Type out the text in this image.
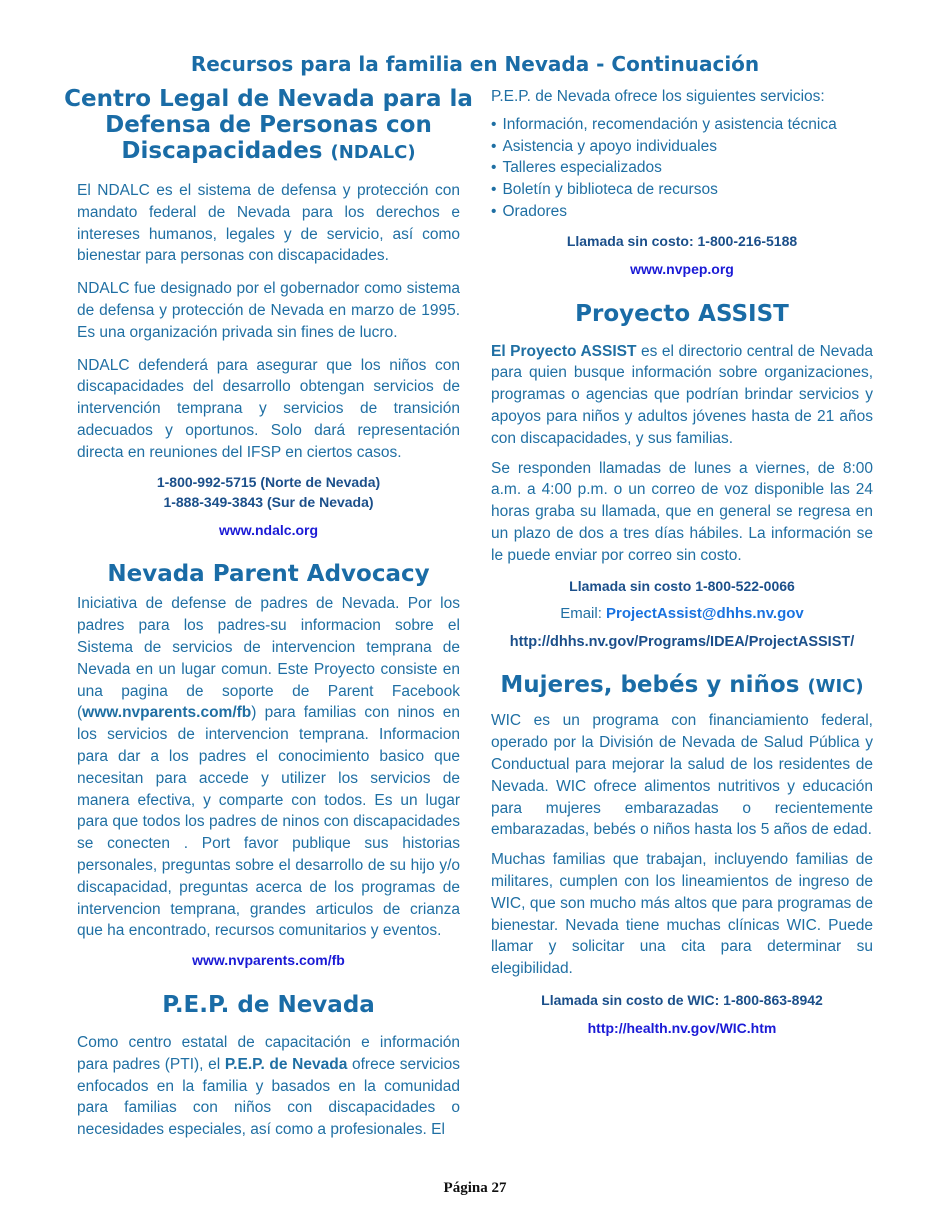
Recursos para la familia en Nevada - Continuación
Centro Legal de Nevada para la Defensa de Personas con Discapacidades (NDALC)

El NDALC es el sistema de defensa y protección con mandato federal de Nevada para los derechos e intereses humanos, legales y de servicio, así como bienestar para personas con discapacidades.

NDALC fue designado por el gobernador como sistema de defensa y protección de Nevada en marzo de 1995. Es una organización privada sin fines de lucro.

NDALC defenderá para asegurar que los niños con discapacidades del desarrollo obtengan servicios de intervención temprana y servicios de transición adecuados y oportunos. Solo dará representación directa en reuniones del IFSP en ciertos casos.

1-800-992-5715 (Norte de Nevada)

1-888-349-3843 (Sur de Nevada)

www.ndalc.org

Nevada Parent Advocacy

Iniciativa de defense de padres de Nevada. Por los padres para los padres-su informacion sobre el Sistema de servicios de intervencion temprana de Nevada en un lugar comun. Este Proyecto consiste en una pagina de soporte de Parent Facebook (www.nvparents.com/fb) para familias con ninos en los servicios de intervencion temprana. Informacion para dar a los padres el conocimiento basico que necesitan para accede y utilizer los servicios de manera efectiva, y comparte con todos. Es un lugar para que todos los padres de ninos con discapacidades se conecten . Port favor publique sus historias personales, preguntas sobre el desarrollo de su hijo y/o discapacidad, preguntas acerca de los programas de intervencion temprana, grandes articulos de crianza que ha encontrado, recursos comunitarios y eventos.

www.nvparents.com/fb

P.E.P. de Nevada

Como centro estatal de capacitación e información para padres (PTI), el P.E.P. de Nevada ofrece servicios enfocados en la familia y basados en la comunidad para familias con niños con discapacidades o necesidades especiales, así como a profesionales. El

P.E.P. de Nevada ofrece los siguientes servicios:

• Información, recomendación y asistencia técnica
• Asistencia y apoyo individuales
• Talleres especializados
• Boletín y biblioteca de recursos
• Oradores

Llamada sin costo: 1-800-216-5188

www.nvpep.org

Proyecto ASSIST

El Proyecto ASSIST es el directorio central de Nevada para quien busque información sobre organizaciones, programas o agencias que podrían brindar servicios y apoyos para niños y adultos jóvenes hasta de 21 años con discapacidades, y sus familias.

Se responden llamadas de lunes a viernes, de 8:00 a.m. a 4:00 p.m. o un correo de voz disponible las 24 horas graba su llamada, que en general se regresa en un plazo de dos a tres días hábiles. La información se le puede enviar por correo sin costo.

Llamada sin costo 1-800-522-0066

Email: ProjectAssist@dhhs.nv.gov

http://dhhs.nv.gov/Programs/IDEA/ProjectASSIST/

Mujeres, bebés y niños (WIC)

WIC es un programa con financiamiento federal, operado por la División de Nevada de Salud Pública y Conductual para mejorar la salud de los residentes de Nevada. WIC ofrece alimentos nutritivos y educación para mujeres embarazadas o recientemente embarazadas, bebés o niños hasta los 5 años de edad.

Muchas familias que trabajan, incluyendo familias de militares, cumplen con los lineamientos de ingreso de WIC, que son mucho más altos que para programas de bienestar. Nevada tiene muchas clínicas WIC. Puede llamar y solicitar una cita para determinar su elegibilidad.

Llamada sin costo de WIC: 1-800-863-8942

http://health.nv.gov/WIC.htm

Página 27
